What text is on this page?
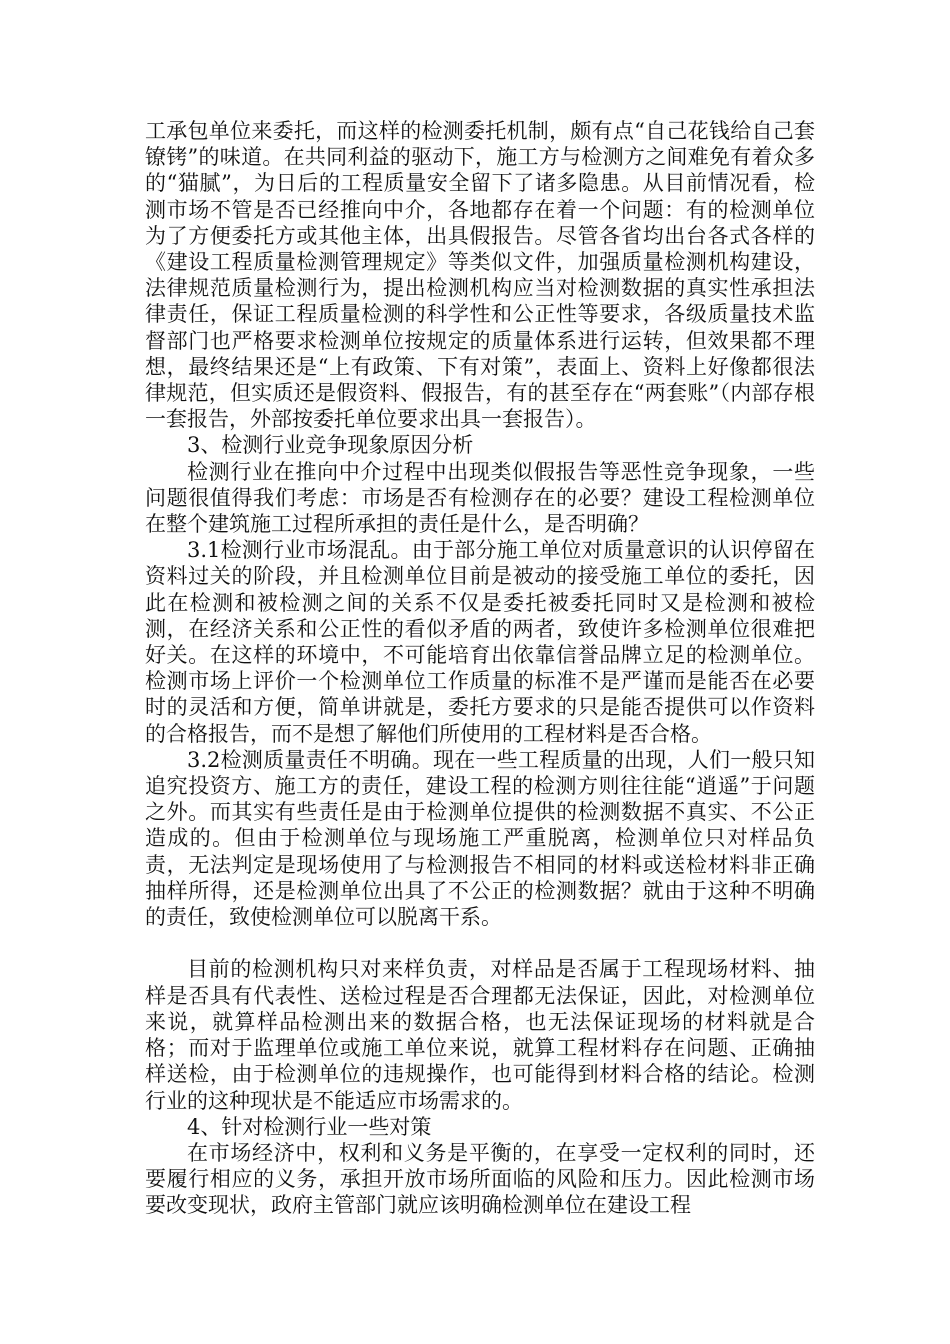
工承包单位来委托，而这样的检测委托机制，颇有点“自己花钱给自己套镣铐”的味道。在共同利益的驱动下，施工方与检测方之间难免有着众多的“猫腻”，为日后的工程质量安全留下了诸多隐患。从目前情况看，检测市场不管是否已经推向中介，各地都存在着一个问题：有的检测单位为了方便委托方或其他主体，出具假报告。尽管各省均出台各式各样的《建设工程质量检测管理规定》等类似文件，加强质量检测机构建设，法律规范质量检测行为，提出检测机构应当对检测数据的真实性承担法律责任，保证工程质量检测的科学性和公正性等要求，各级质量技术监督部门也严格要求检测单位按规定的质量体系进行运转，但效果都不理想，最终结果还是“上有政策、下有对策”，表面上、资料上好像都很法律规范，但实质还是假资料、假报告，有的甚至存在“两套账”（内部存根一套报告，外部按委托单位要求出具一套报告）。

3、检测行业竞争现象原因分析

检测行业在推向中介过程中出现类似假报告等恶性竞争现象，一些问题很值得我们考虑：市场是否有检测存在的必要？建设工程检测单位在整个建筑施工过程所承担的责任是什么，是否明确？

3.1检测行业市场混乱。由于部分施工单位对质量意识的认识停留在资料过关的阶段，并且检测单位目前是被动的接受施工单位的委托，因此在检测和被检测之间的关系不仅是委托被委托同时又是检测和被检测，在经济关系和公正性的看似矛盾的两者，致使许多检测单位很难把好关。在这样的环境中，不可能培育出依靠信誉品牌立足的检测单位。检测市场上评价一个检测单位工作质量的标准不是严谨而是能否在必要时的灵活和方便，简单讲就是，委托方要求的只是能否提供可以作资料的合格报告，而不是想了解他们所使用的工程材料是否合格。

3.2检测质量责任不明确。现在一些工程质量的出现，人们一般只知追究投资方、施工方的责任，建设工程的检测方则往往能“逍遥”于问题之外。而其实有些责任是由于检测单位提供的检测数据不真实、不公正造成的。但由于检测单位与现场施工严重脱离，检测单位只对样品负责，无法判定是现场使用了与检测报告不相同的材料或送检材料非正确抽样所得，还是检测单位出具了不公正的检测数据？就由于这种不明确的责任，致使检测单位可以脱离干系。

目前的检测机构只对来样负责，对样品是否属于工程现场材料、抽样是否具有代表性、送检过程是否合理都无法保证，因此，对检测单位来说，就算样品检测出来的数据合格，也无法保证现场的材料就是合格；而对于监理单位或施工单位来说，就算工程材料存在问题、正确抽样送检，由于检测单位的违规操作，也可能得到材料合格的结论。检测行业的这种现状是不能适应市场需求的。

4、针对检测行业一些对策

在市场经济中，权利和义务是平衡的，在享受一定权利的同时，还要履行相应的义务，承担开放市场所面临的风险和压力。因此检测市场要改变现状，政府主管部门就应该明确检测单位在建设工程
